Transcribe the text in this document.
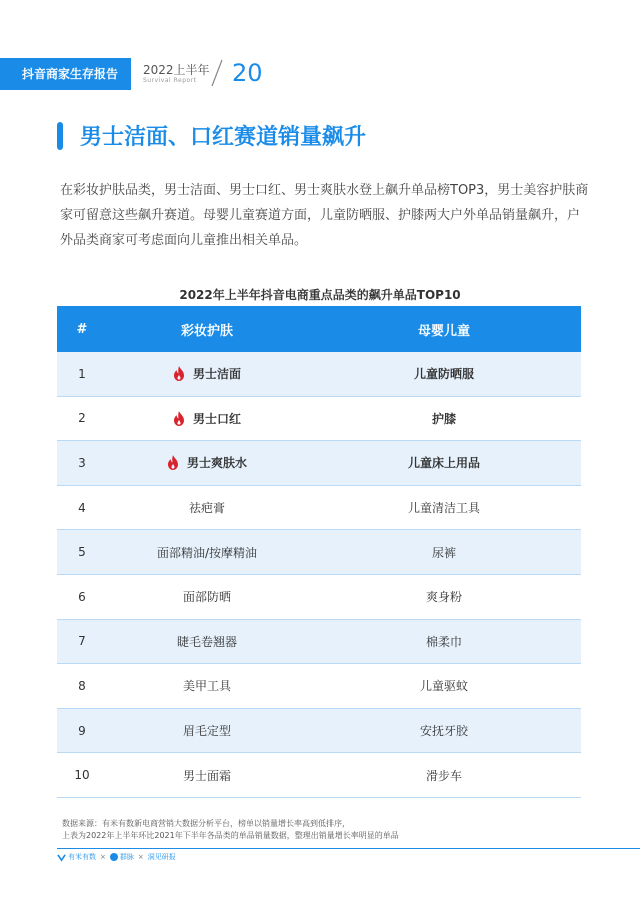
抖音商家生存报告	2022上半年
Survival Report 20
男士洁面、口红赛道销量飙升
在彩妆护肤品类，男士洁面、男士口红、男士爽肤水登上飙升单品榜TOP3，男士美容护肤商家可留意这些飙升赛道。母婴儿童赛道方面，儿童防晒服、护膝两大户外单品销量飙升，户外品类商家可考虑面向儿童推出相关单品。
2022年上半年抖音电商重点品类的飙升单品TOP10
#	彩妆护肤	母婴儿童
1	男士洁面	儿童防晒服
2	男士口红	护膝
3	男士爽肤水	儿童床上用品
4	祛疤膏	儿童清洁工具
5	面部精油/按摩精油	尿裤
6	面部防晒	爽身粉
7	睫毛卷翘器	棉柔巾
8	美甲工具	儿童驱蚊
9	眉毛定型	安抚牙胶
10	男士面霜	滑步车
数据来源：有米有数新电商营销大数据分析平台，榜单以销量增长率高到低排序，
上表为2022年上半年环比2021年下半年各品类的单品销量数据，整理出销量增长率明显的单品
有米有数 × 群脉 × 洞见研报
